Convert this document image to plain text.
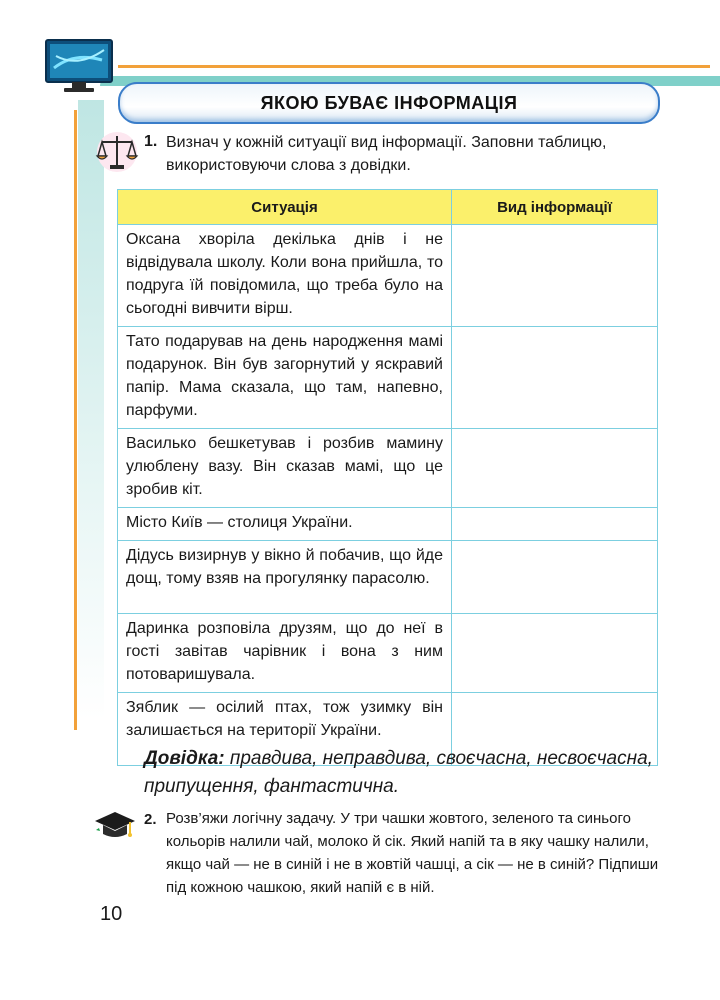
ЯКОЮ БУВАЄ ІНФОРМАЦІЯ
1. Визнач у кожній ситуації вид інформації. Заповни таблицю, використовуючи слова з довідки.
Ситуація	Вид інформації
Оксана хворіла декілька днів і не відвідувала школу. Коли вона прийшла, то подруга їй повідомила, що треба було на сьогодні вивчити вірш.	
Тато подарував на день народження мамі подарунок. Він був загорнутий у яскравий папір. Мама сказала, що там, напевно, парфуми.	
Василько бешкетував і розбив мамину улюблену вазу. Він сказав мамі, що це зробив кіт.	
Місто Київ — столиця України.	
Дідусь визирнув у вікно й побачив, що йде дощ, тому взяв на прогулянку парасолю.	
Даринка розповіла друзям, що до неї в гості завітав чарівник і вона з ним потоваришувала.	
Зяблик — осілий птах, тож узимку він залишається на території України.	
Довідка: правдива, неправдива, своєчасна, несвоєчасна, припущення, фантастична.
2. Розв’яжи логічну задачу. У три чашки жовтого, зеленого та синього кольорів налили чай, молоко й сік. Який напій та в яку чашку налили, якщо чай — не в синій і не в жовтій чашці, а сік — не в синій? Підпиши під кожною чашкою, який напій є в ній.
10
